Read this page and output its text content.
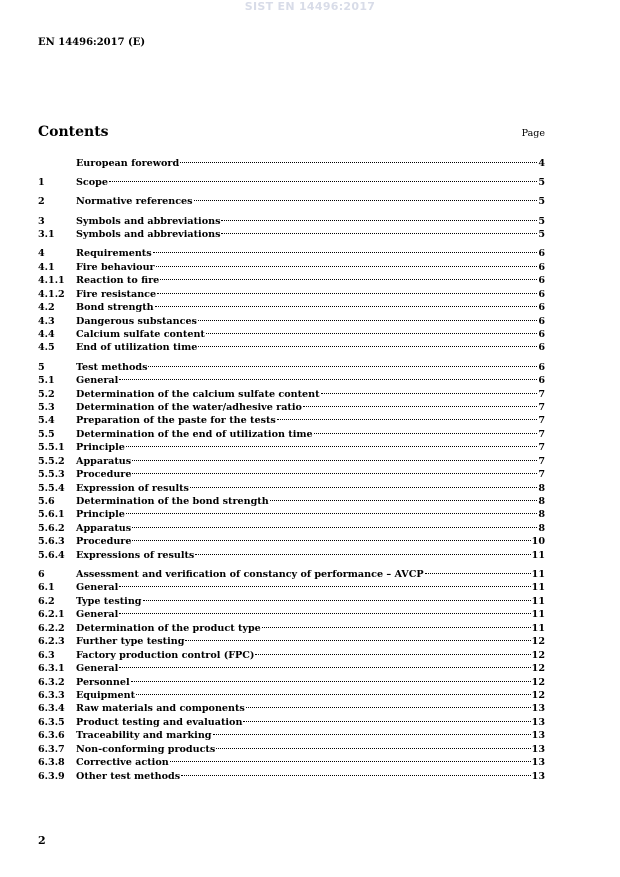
SIST EN 14496:2017
EN 14496:2017 (E)
Contents	Page
European foreword	4
1	Scope	5
2	Normative references	5
3	Symbols and abbreviations	5
3.1	Symbols and abbreviations	5
4	Requirements	6
4.1	Fire behaviour	6
4.1.1	Reaction to fire	6
4.1.2	Fire resistance	6
4.2	Bond strength	6
4.3	Dangerous substances	6
4.4	Calcium sulfate content	6
4.5	End of utilization time	6
5	Test methods	6
5.1	General	6
5.2	Determination of the calcium sulfate content	7
5.3	Determination of the water/adhesive ratio	7
5.4	Preparation of the paste for the tests	7
5.5	Determination of the end of utilization time	7
5.5.1	Principle	7
5.5.2	Apparatus	7
5.5.3	Procedure	7
5.5.4	Expression of results	8
5.6	Determination of the bond strength	8
5.6.1	Principle	8
5.6.2	Apparatus	8
5.6.3	Procedure	10
5.6.4	Expressions of results	11
6	Assessment and verification of constancy of performance – AVCP	11
6.1	General	11
6.2	Type testing	11
6.2.1	General	11
6.2.2	Determination of the product type	11
6.2.3	Further type testing	12
6.3	Factory production control (FPC)	12
6.3.1	General	12
6.3.2	Personnel	12
6.3.3	Equipment	12
6.3.4	Raw materials and components	13
6.3.5	Product testing and evaluation	13
6.3.6	Traceability and marking	13
6.3.7	Non-conforming products	13
6.3.8	Corrective action	13
6.3.9	Other test methods	13
2
